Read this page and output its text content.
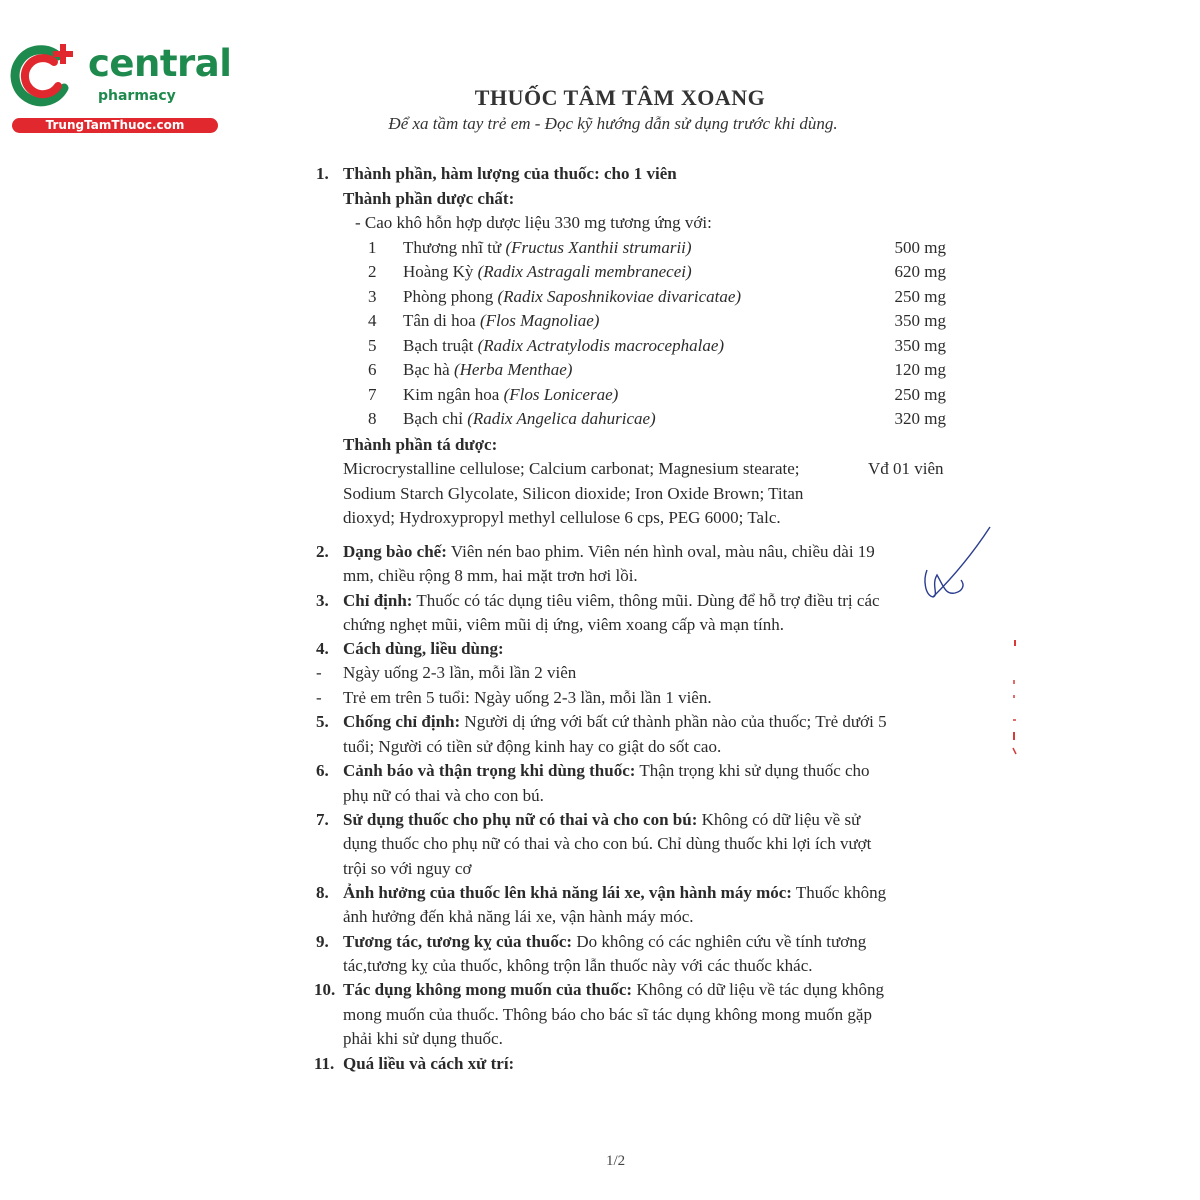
central
pharmacy
TrungTamThuoc.com
THUỐC TÂM TÂM XOANG
Để xa tầm tay trẻ em - Đọc kỹ hướng dẫn sử dụng trước khi dùng.
1. Thành phần, hàm lượng của thuốc: cho 1 viên
Thành phần dược chất:
- Cao khô hỗn hợp dược liệu 330 mg tương ứng với:
1 Thương nhĩ tử (Fructus Xanthii strumarii)	500 mg
2 Hoàng Kỳ (Radix Astragali membranecei)	620 mg
3 Phòng phong (Radix Saposhnikoviae divaricatae)	250 mg
4 Tân di hoa (Flos Magnoliae)	350 mg
5 Bạch truật (Radix Actratylodis macrocephalae)	350 mg
6 Bạc hà (Herba Menthae)	120 mg
7 Kim ngân hoa (Flos Lonicerae)	250 mg
8 Bạch chỉ (Radix Angelica dahuricae)	320 mg
Thành phần tá dược:
Microcrystalline cellulose; Calcium carbonat; Magnesium stearate;	Vđ 01 viên
Sodium Starch Glycolate, Silicon dioxide; Iron Oxide Brown; Titan
dioxyd; Hydroxypropyl methyl cellulose 6 cps, PEG 6000; Talc.
2. Dạng bào chế: Viên nén bao phim. Viên nén hình oval, màu nâu, chiều dài 19
mm, chiều rộng 8 mm, hai mặt trơn hơi lồi.
3. Chỉ định: Thuốc có tác dụng tiêu viêm, thông mũi. Dùng để hỗ trợ điều trị các
chứng nghẹt mũi, viêm mũi dị ứng, viêm xoang cấp và mạn tính.
4. Cách dùng, liều dùng:
- Ngày uống 2-3 lần, mỗi lần 2 viên
- Trẻ em trên 5 tuổi: Ngày uống 2-3 lần, mỗi lần 1 viên.
5. Chống chỉ định: Người dị ứng với bất cứ thành phần nào của thuốc; Trẻ dưới 5
tuổi; Người có tiền sử động kinh hay co giật do sốt cao.
6. Cảnh báo và thận trọng khi dùng thuốc: Thận trọng khi sử dụng thuốc cho
phụ nữ có thai và cho con bú.
7. Sử dụng thuốc cho phụ nữ có thai và cho con bú: Không có dữ liệu về sử
dụng thuốc cho phụ nữ có thai và cho con bú. Chỉ dùng thuốc khi lợi ích vượt
trội so với nguy cơ
8. Ảnh hưởng của thuốc lên khả năng lái xe, vận hành máy móc: Thuốc không
ảnh hưởng đến khả năng lái xe, vận hành máy móc.
9. Tương tác, tương kỵ của thuốc: Do không có các nghiên cứu về tính tương
tác,tương kỵ của thuốc, không trộn lẫn thuốc này với các thuốc khác.
10. Tác dụng không mong muốn của thuốc: Không có dữ liệu về tác dụng không
mong muốn của thuốc. Thông báo cho bác sĩ tác dụng không mong muốn gặp
phải khi sử dụng thuốc.
11. Quá liều và cách xử trí:
1/2
